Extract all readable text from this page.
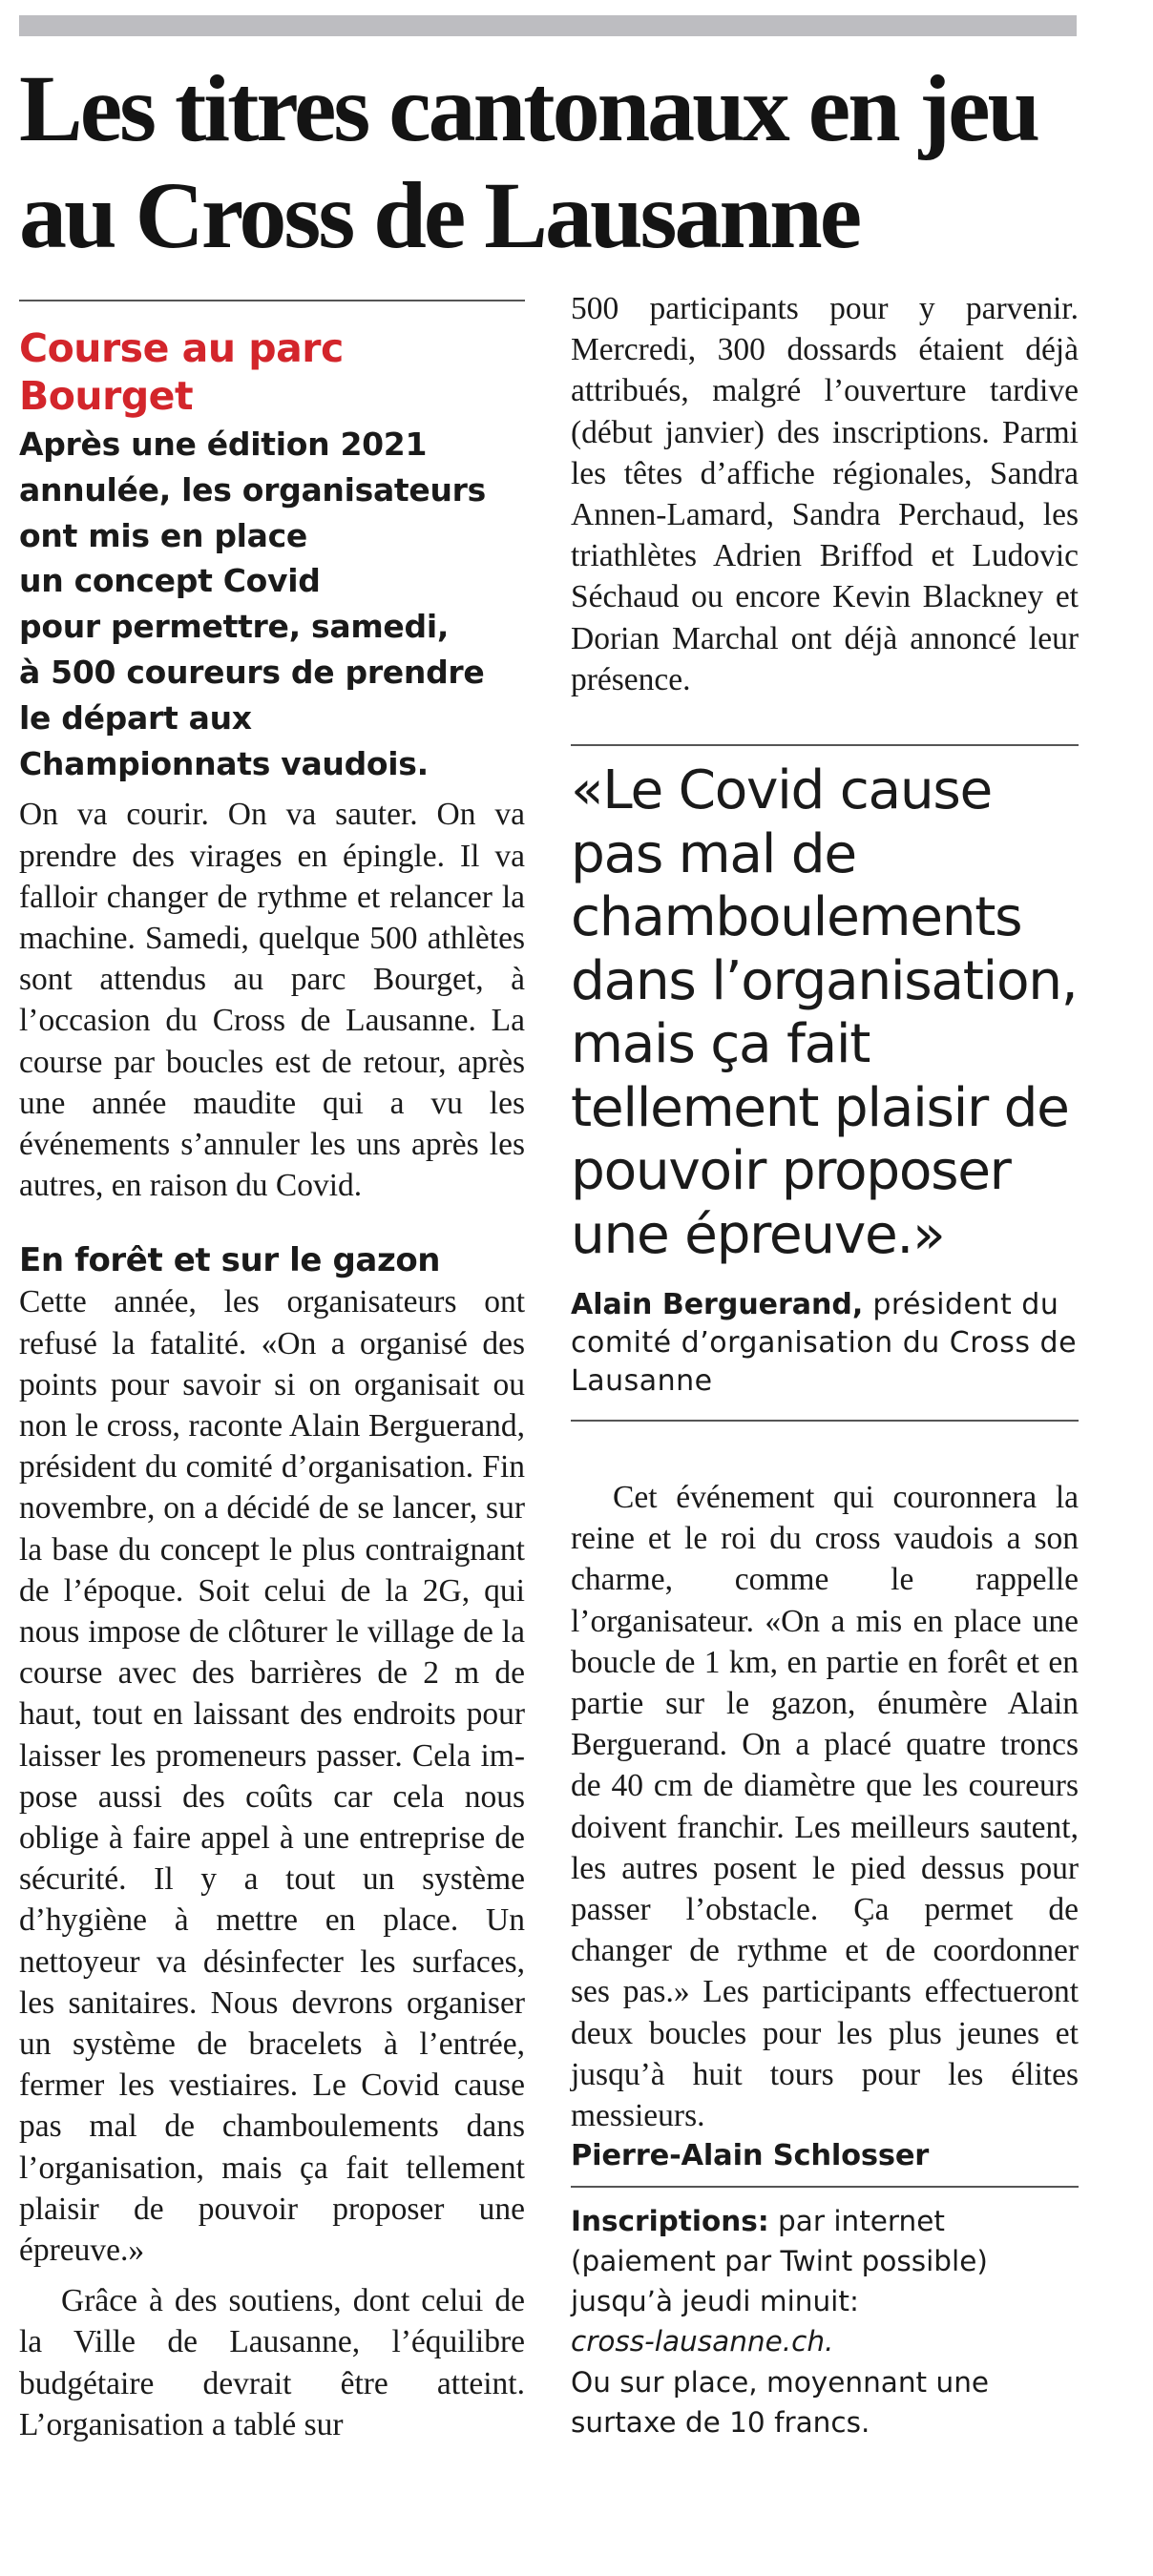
Les titres cantonaux en jeu
au Cross de Lausanne
Course au parc
Bourget
Après une édition 2021
annulée, les organisateurs
ont mis en place
un concept Covid
pour permettre, samedi,
à 500 coureurs de prendre
le départ aux
Championnats vaudois.

On va courir. On va sauter. On va prendre des virages en épingle. Il va falloir changer de rythme et relancer la machine. Samedi, quelque 500 athlètes sont attendus au parc Bourget, à l’occasion du Cross de Lausanne. La course par boucles est de retour, après une année maudite qui a vu les événements s’annuler les uns après les autres, en raison du Covid.

En forêt et sur le gazon

Cette année, les organisateurs ont refusé la fatalité. «On a organisé des points pour savoir si on organisait ou non le cross, raconte Alain Berguerand, président du comité d’organisation. Fin novembre, on a décidé de se lancer, sur la base du concept le plus contraignant de l’époque. Soit celui de la 2G, qui nous impose de clôturer le village de la course avec des barrières de 2 m de haut, tout en laissant des endroits pour laisser les promeneurs passer. Cela impose aussi des coûts car cela nous oblige à faire appel à une entreprise de sécurité. Il y a tout un système d’hygiène à mettre en place. Un nettoyeur va désinfecter les surfaces, les sanitaires. Nous devrons organiser un système de bracelets à l’entrée, fermer les vestiaires. Le Covid cause pas mal de chamboulements dans l’organisation, mais ça fait tellement plaisir de pouvoir proposer une épreuve.»

Grâce à des soutiens, dont celui de la Ville de Lausanne, l’équilibre budgétaire devrait être atteint. L’organisation a tablé sur

500 participants pour y parvenir. Mercredi, 300 dossards étaient déjà attribués, malgré l’ouverture tardive (début janvier) des inscriptions. Parmi les têtes d’affiche régionales, Sandra Annen-Lamard, Sandra Perchaud, les triathlètes Adrien Briffod et Ludovic Séchaud ou encore Kevin Blackney et Dorian Marchal ont déjà annoncé leur présence.

«Le Covid cause pas mal de chamboulements dans l’organisation, mais ça fait tellement plaisir de pouvoir proposer une épreuve.»
Alain Berguerand, président du comité d’organisation du Cross de Lausanne

Cet événement qui couronnera la reine et le roi du cross vaudois a son charme, comme le rappelle l’organisateur. «On a mis en place une boucle de 1 km, en partie en forêt et en partie sur le gazon, énumère Alain Berguerand. On a placé quatre troncs de 40 cm de diamètre que les coureurs doivent franchir. Les meilleurs sautent, les autres posent le pied dessus pour passer l’obstacle. Ça permet de changer de rythme et de coordonner ses pas.» Les participants effectueront deux boucles pour les plus jeunes et jusqu’à huit tours pour les élites messieurs.

Pierre-Alain Schlosser
Inscriptions: par internet
(paiement par Twint possible)
jusqu’à jeudi minuit:
cross-lausanne.ch.
Ou sur place, moyennant une
surtaxe de 10 francs.
